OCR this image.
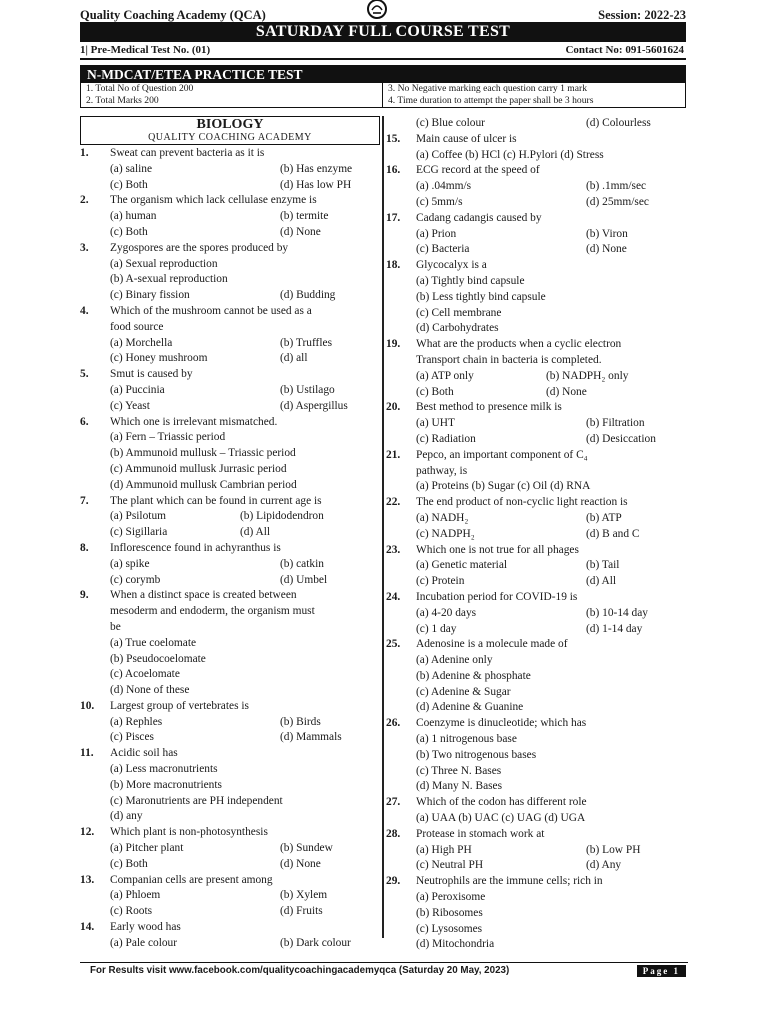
Quality Coaching Academy (QCA)	Session: 2022-23
SATURDAY FULL COURSE TEST
1| Pre-Medical Test No. (01)	Contact No: 091-5601624
N-MDCAT/ETEA PRACTICE TEST
1. Total No of Question 200	3. No Negative marking each question carry 1 mark
2. Total Marks 200	4. Time duration to attempt the paper shall be 3 hours
BIOLOGY
QUALITY COACHING ACADEMY
1.	Sweat can prevent bacteria as it is
(a) saline	(b) Has enzyme
(c) Both	(d) Has low PH
2.	The organism which lack cellulase enzyme is
(a) human	(b) termite
(c) Both	(d) None
3.	Zygospores are the spores produced by
(a) Sexual reproduction
(b) A-sexual reproduction
(c) Binary fission	(d) Budding
4.	Which of the mushroom cannot be used as a
food source
(a) Morchella	(b) Truffles
(c) Honey mushroom	(d) all
5.	Smut is caused by
(a) Puccinia	(b) Ustilago
(c) Yeast	(d) Aspergillus
6.	Which one is irrelevant mismatched.
(a) Fern – Triassic period
(b) Ammunoid mullusk – Triassic period
(c) Ammunoid mullusk Jurrasic period
(d) Ammunoid mullusk Cambrian period
7.	The plant which can be found in current age is
(a) Psilotum	(b) Lipidodendron
(c) Sigillaria	(d) All
8.	Inflorescence found in achyranthus is
(a) spike	(b) catkin
(c) corymb	(d) Umbel
9.	When a distinct space is created between
mesoderm and endoderm, the organism must
be
(a) True coelomate
(b) Pseudocoelomate
(c) Acoelomate
(d) None of these
10.	Largest group of vertebrates is
(a) Rephles	(b) Birds
(c) Pisces	(d) Mammals
11.	Acidic soil has
(a) Less macronutrients
(b) More macronutrients
(c) Maronutrients are PH independent
(d) any
12.	Which plant is non-photosynthesis
(a) Pitcher plant	(b) Sundew
(c) Both	(d) None
13.	Companian cells are present among
(a) Phloem	(b) Xylem
(c) Roots	(d) Fruits
14.	Early wood has
(a) Pale colour	(b) Dark colour
(c) Blue colour	(d) Colourless
15.	Main cause of ulcer is
(a) Coffee (b) HCl (c) H.Pylori (d) Stress
16.	ECG record at the speed of
(a) .04mm/s	(b) .1mm/sec
(c) 5mm/s	(d) 25mm/sec
17.	Cadang cadangis caused by
(a) Prion	(b) Viron
(c) Bacteria	(d) None
18.	Glycocalyx is a
(a) Tightly bind capsule
(b) Less tightly bind capsule
(c) Cell membrane
(d) Carbohydrates
19.	What are the products when a cyclic electron
Transport chain in bacteria is completed.
(a) ATP only	(b) NADPH₂ only
(c) Both	(d) None
20.	Best method to presence milk is
(a) UHT	(b) Filtration
(c) Radiation	(d) Desiccation
21.	Pepco, an important component of C₄
pathway, is
(a) Proteins (b) Sugar (c) Oil (d) RNA
22.	The end product of non-cyclic light reaction is
(a) NADH₂	(b) ATP
(c) NADPH₂	(d) B and C
23.	Which one is not true for all phages
(a) Genetic material	(b) Tail
(c) Protein	(d) All
24.	Incubation period for COVID-19 is
(a) 4-20 days	(b) 10-14 day
(c) 1 day	(d) 1-14 day
25.	Adenosine is a molecule made of
(a) Adenine only
(b) Adenine & phosphate
(c) Adenine & Sugar
(d) Adenine & Guanine
26.	Coenzyme is dinucleotide; which has
(a) 1 nitrogenous base
(b) Two nitrogenous bases
(c) Three N. Bases
(d) Many N. Bases
27.	Which of the codon has different role
(a) UAA (b) UAC (c) UAG (d) UGA
28.	Protease in stomach work at
(a) High PH	(b) Low PH
(c) Neutral PH	(d) Any
29.	Neutrophils are the immune cells; rich in
(a) Peroxisome
(b) Ribosomes
(c) Lysosomes
(d) Mitochondria
For Results visit www.facebook.com/qualitycoachingacademyqca (Saturday 20 May, 2023)	Page 1
